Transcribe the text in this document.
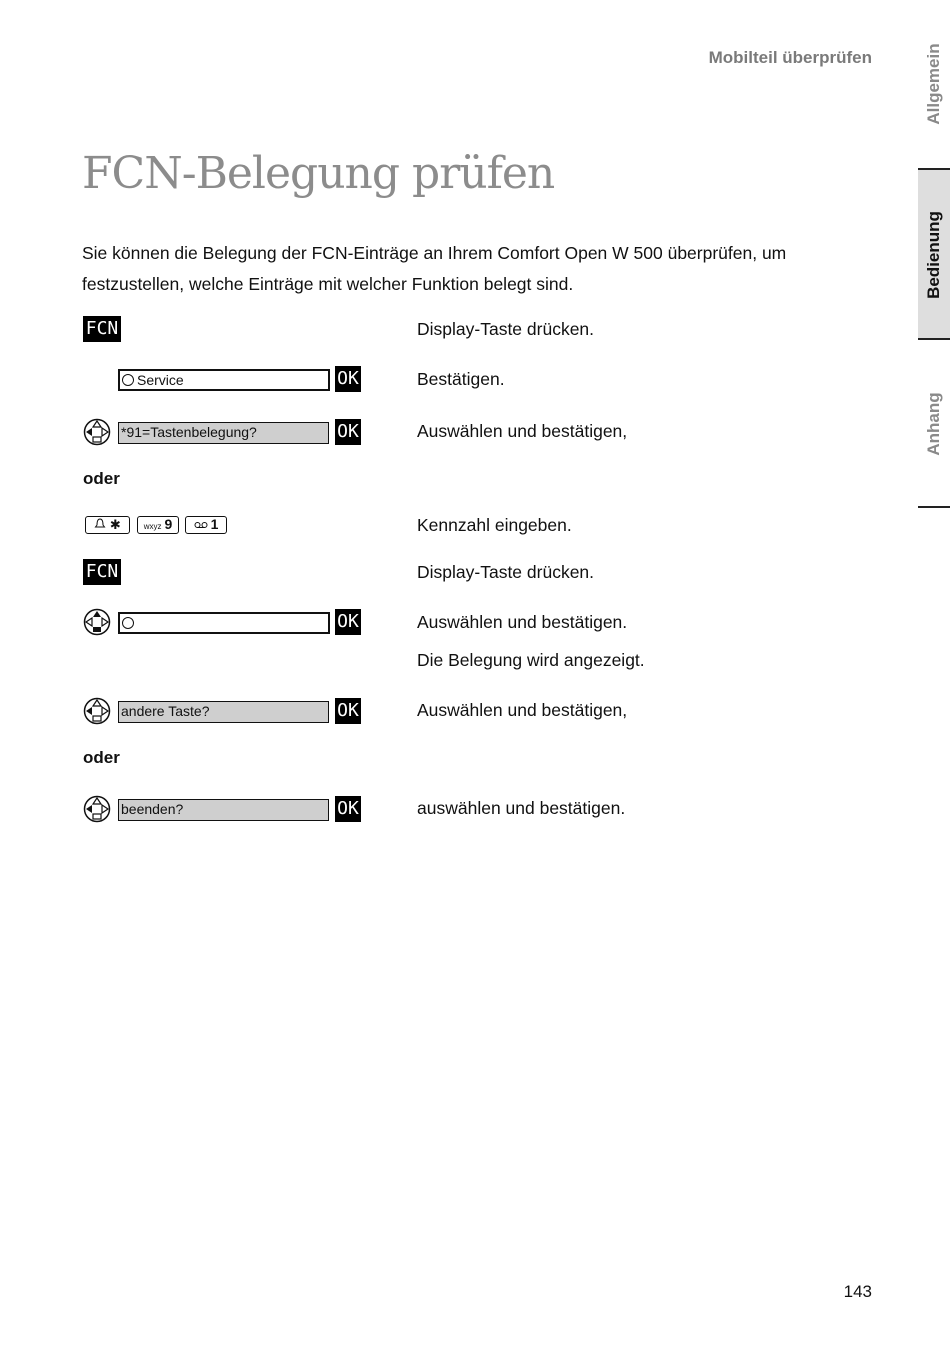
Mobilteil überprüfen	Allgemein
Bedienung
Anhang
FCN-Belegung prüfen
Sie können die Belegung der FCN-Einträge an Ihrem Comfort Open W 500 überprüfen, um festzustellen, welche Einträge mit welcher Funktion belegt sind.
FCN	Display-Taste drücken.
Service	OK	Bestätigen.
*91=Tastenbelegung?	OK	Auswählen und bestätigen,
oder
✱	wxyz 9	1	Kennzahl eingeben.
FCN	Display-Taste drücken.
OK	Auswählen und bestätigen.
Die Belegung wird angezeigt.
andere Taste?	OK	Auswählen und bestätigen,
oder
beenden?	OK	auswählen und bestätigen.
143
